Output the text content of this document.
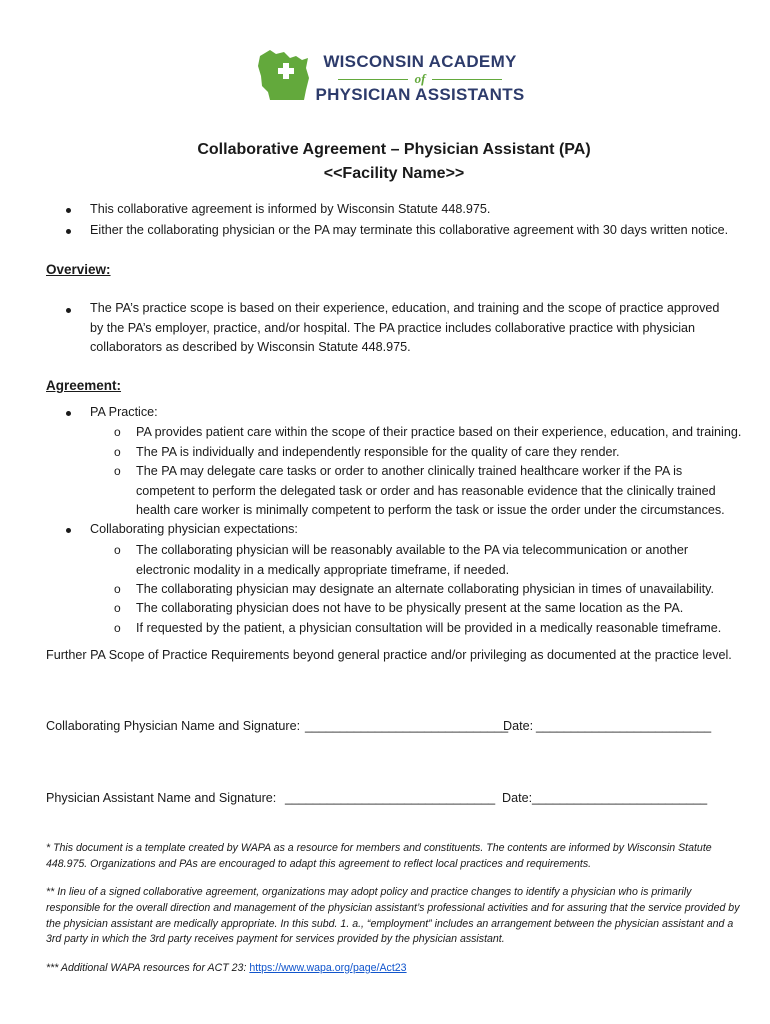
WISCONSIN ACADEMY
of
PHYSICIAN ASSISTANTS
Collaborative Agreement – Physician Assistant (PA)
<<Facility Name>>
This collaborative agreement is informed by Wisconsin Statute 448.975.
Either the collaborating physician or the PA may terminate this collaborative agreement with 30 days written notice.
Overview:
The PA’s practice scope is based on their experience, education, and training and the scope of practice approved by the PA’s employer, practice, and/or hospital. The PA practice includes collaborative practice with physician collaborators as described by Wisconsin Statute 448.975.
Agreement:
PA Practice:
o PA provides patient care within the scope of their practice based on their experience, education, and training.
o The PA is individually and independently responsible for the quality of care they render.
o The PA may delegate care tasks or order to another clinically trained healthcare worker if the PA is competent to perform the delegated task or order and has reasonable evidence that the clinically trained health care worker is minimally competent to perform the task or issue the order under the circumstances.
Collaborating physician expectations:
o The collaborating physician will be reasonably available to the PA via telecommunication or another electronic modality in a medically appropriate timeframe, if needed.
o The collaborating physician may designate an alternate collaborating physician in times of unavailability.
o The collaborating physician does not have to be physically present at the same location as the PA.
o If requested by the patient, a physician consultation will be provided in a medically reasonable timeframe.
Further PA Scope of Practice Requirements beyond general practice and/or privileging as documented at the practice level.
Collaborating Physician Name and Signature: _____________________________
Date: _________________________
Physician Assistant Name and Signature: ______________________________ Date: _________________________
* This document is a template created by WAPA as a resource for members and constituents. The contents are informed by Wisconsin Statute 448.975. Organizations and PAs are encouraged to adapt this agreement to reflect local practices and requirements.
** In lieu of a signed collaborative agreement, organizations may adopt policy and practice changes to identify a physician who is primarily responsible for the overall direction and management of the physician assistant’s professional activities and for assuring that the service provided by the physician assistant are medically appropriate. In this subd. 1. a., “employment” includes an arrangement between the physician assistant and a 3rd party in which the 3rd party receives payment for services provided by the physician assistant.
*** Additional WAPA resources for ACT 23: https://www.wapa.org/page/Act23
